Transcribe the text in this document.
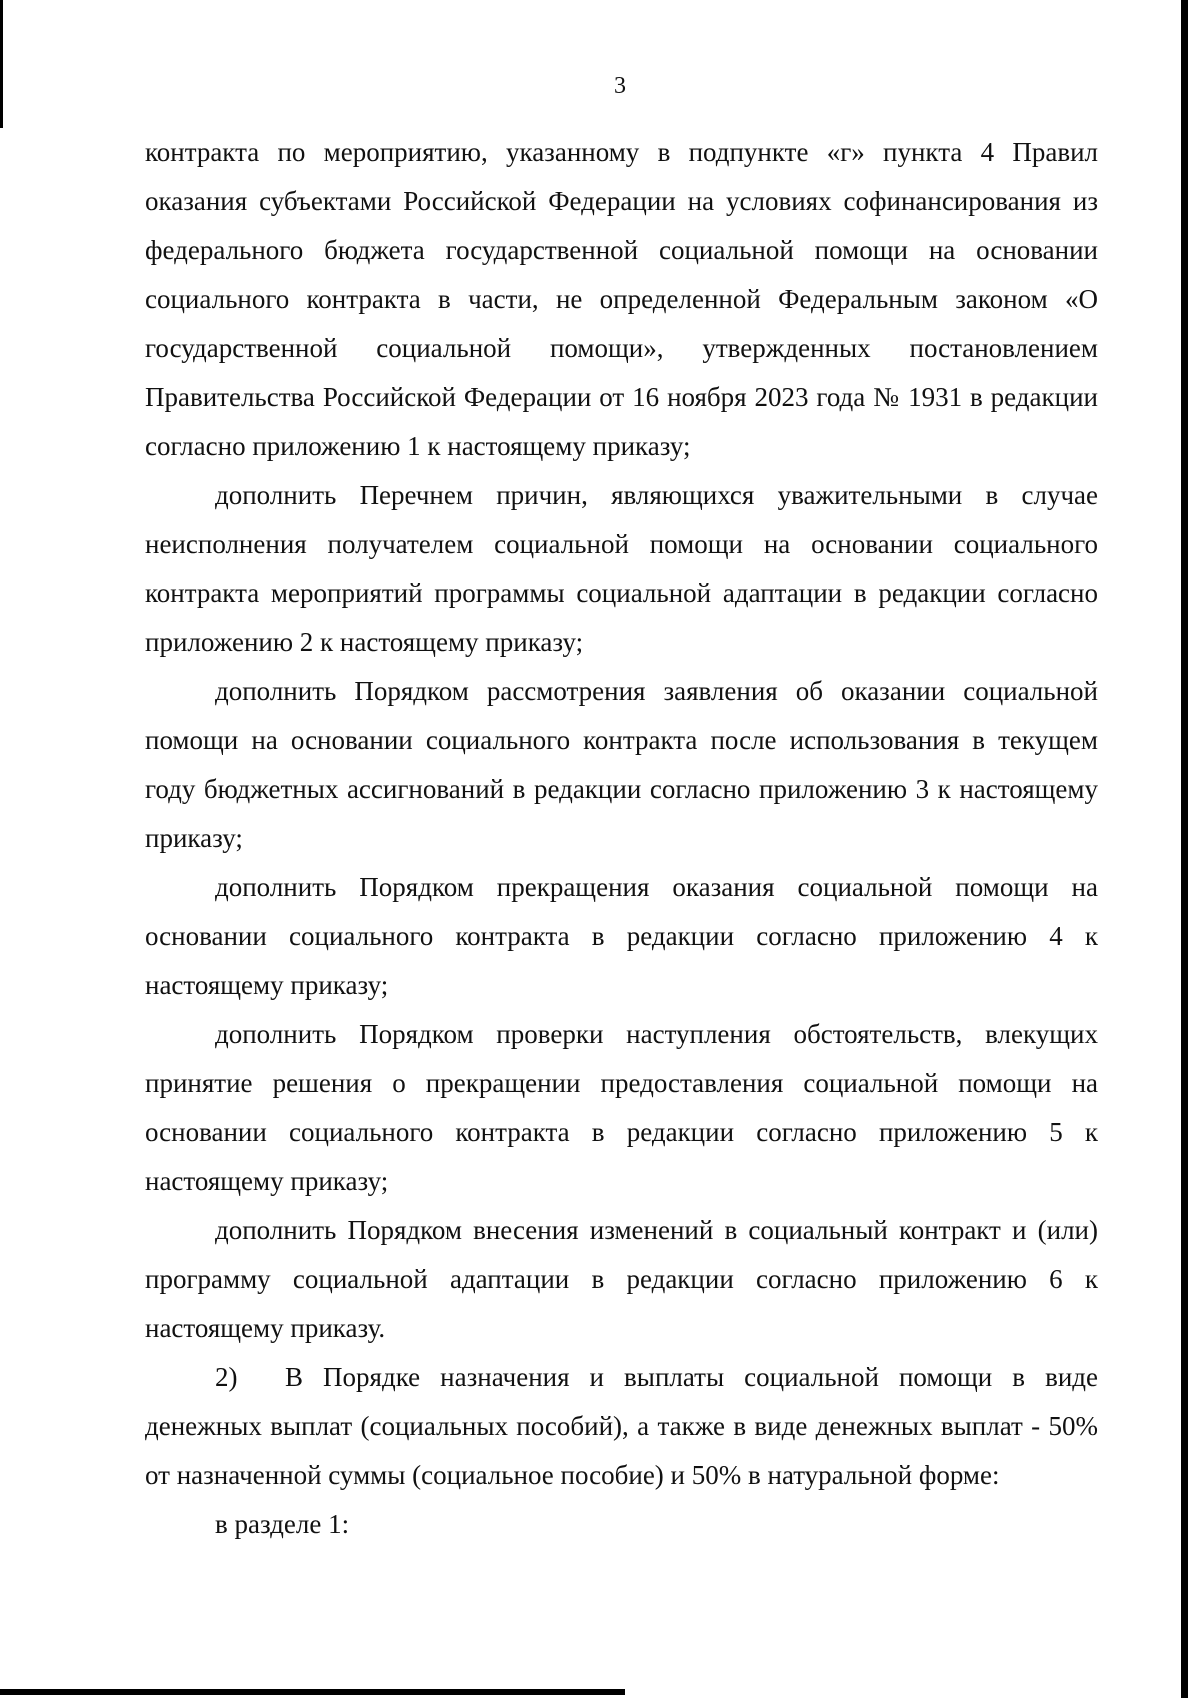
3

контракта по мероприятию, указанному в подпункте «г» пункта 4 Правил оказания субъектами Российской Федерации на условиях софинансирования из федерального бюджета государственной социальной помощи на основании социального контракта в части, не определенной Федеральным законом «О государственной социальной помощи», утвержденных постановлением Правительства Российской Федерации от 16 ноября 2023 года № 1931 в редакции согласно приложению 1 к настоящему приказу;

дополнить Перечнем причин, являющихся уважительными в случае неисполнения получателем социальной помощи на основании социального контракта мероприятий программы социальной адаптации в редакции согласно приложению 2 к настоящему приказу;

дополнить Порядком рассмотрения заявления об оказании социальной помощи на основании социального контракта после использования в текущем году бюджетных ассигнований в редакции согласно приложению 3 к настоящему приказу;

дополнить Порядком прекращения оказания социальной помощи на основании социального контракта в редакции согласно приложению 4 к настоящему приказу;

дополнить Порядком проверки наступления обстоятельств, влекущих принятие решения о прекращении предоставления социальной помощи на основании социального контракта в редакции согласно приложению 5 к настоящему приказу;

дополнить Порядком внесения изменений в социальный контракт и (или) программу социальной адаптации в редакции согласно приложению 6 к настоящему приказу.

2) В Порядке назначения и выплаты социальной помощи в виде денежных выплат (социальных пособий), а также в виде денежных выплат - 50% от назначенной суммы (социальное пособие) и 50% в натуральной форме:

в разделе 1:
